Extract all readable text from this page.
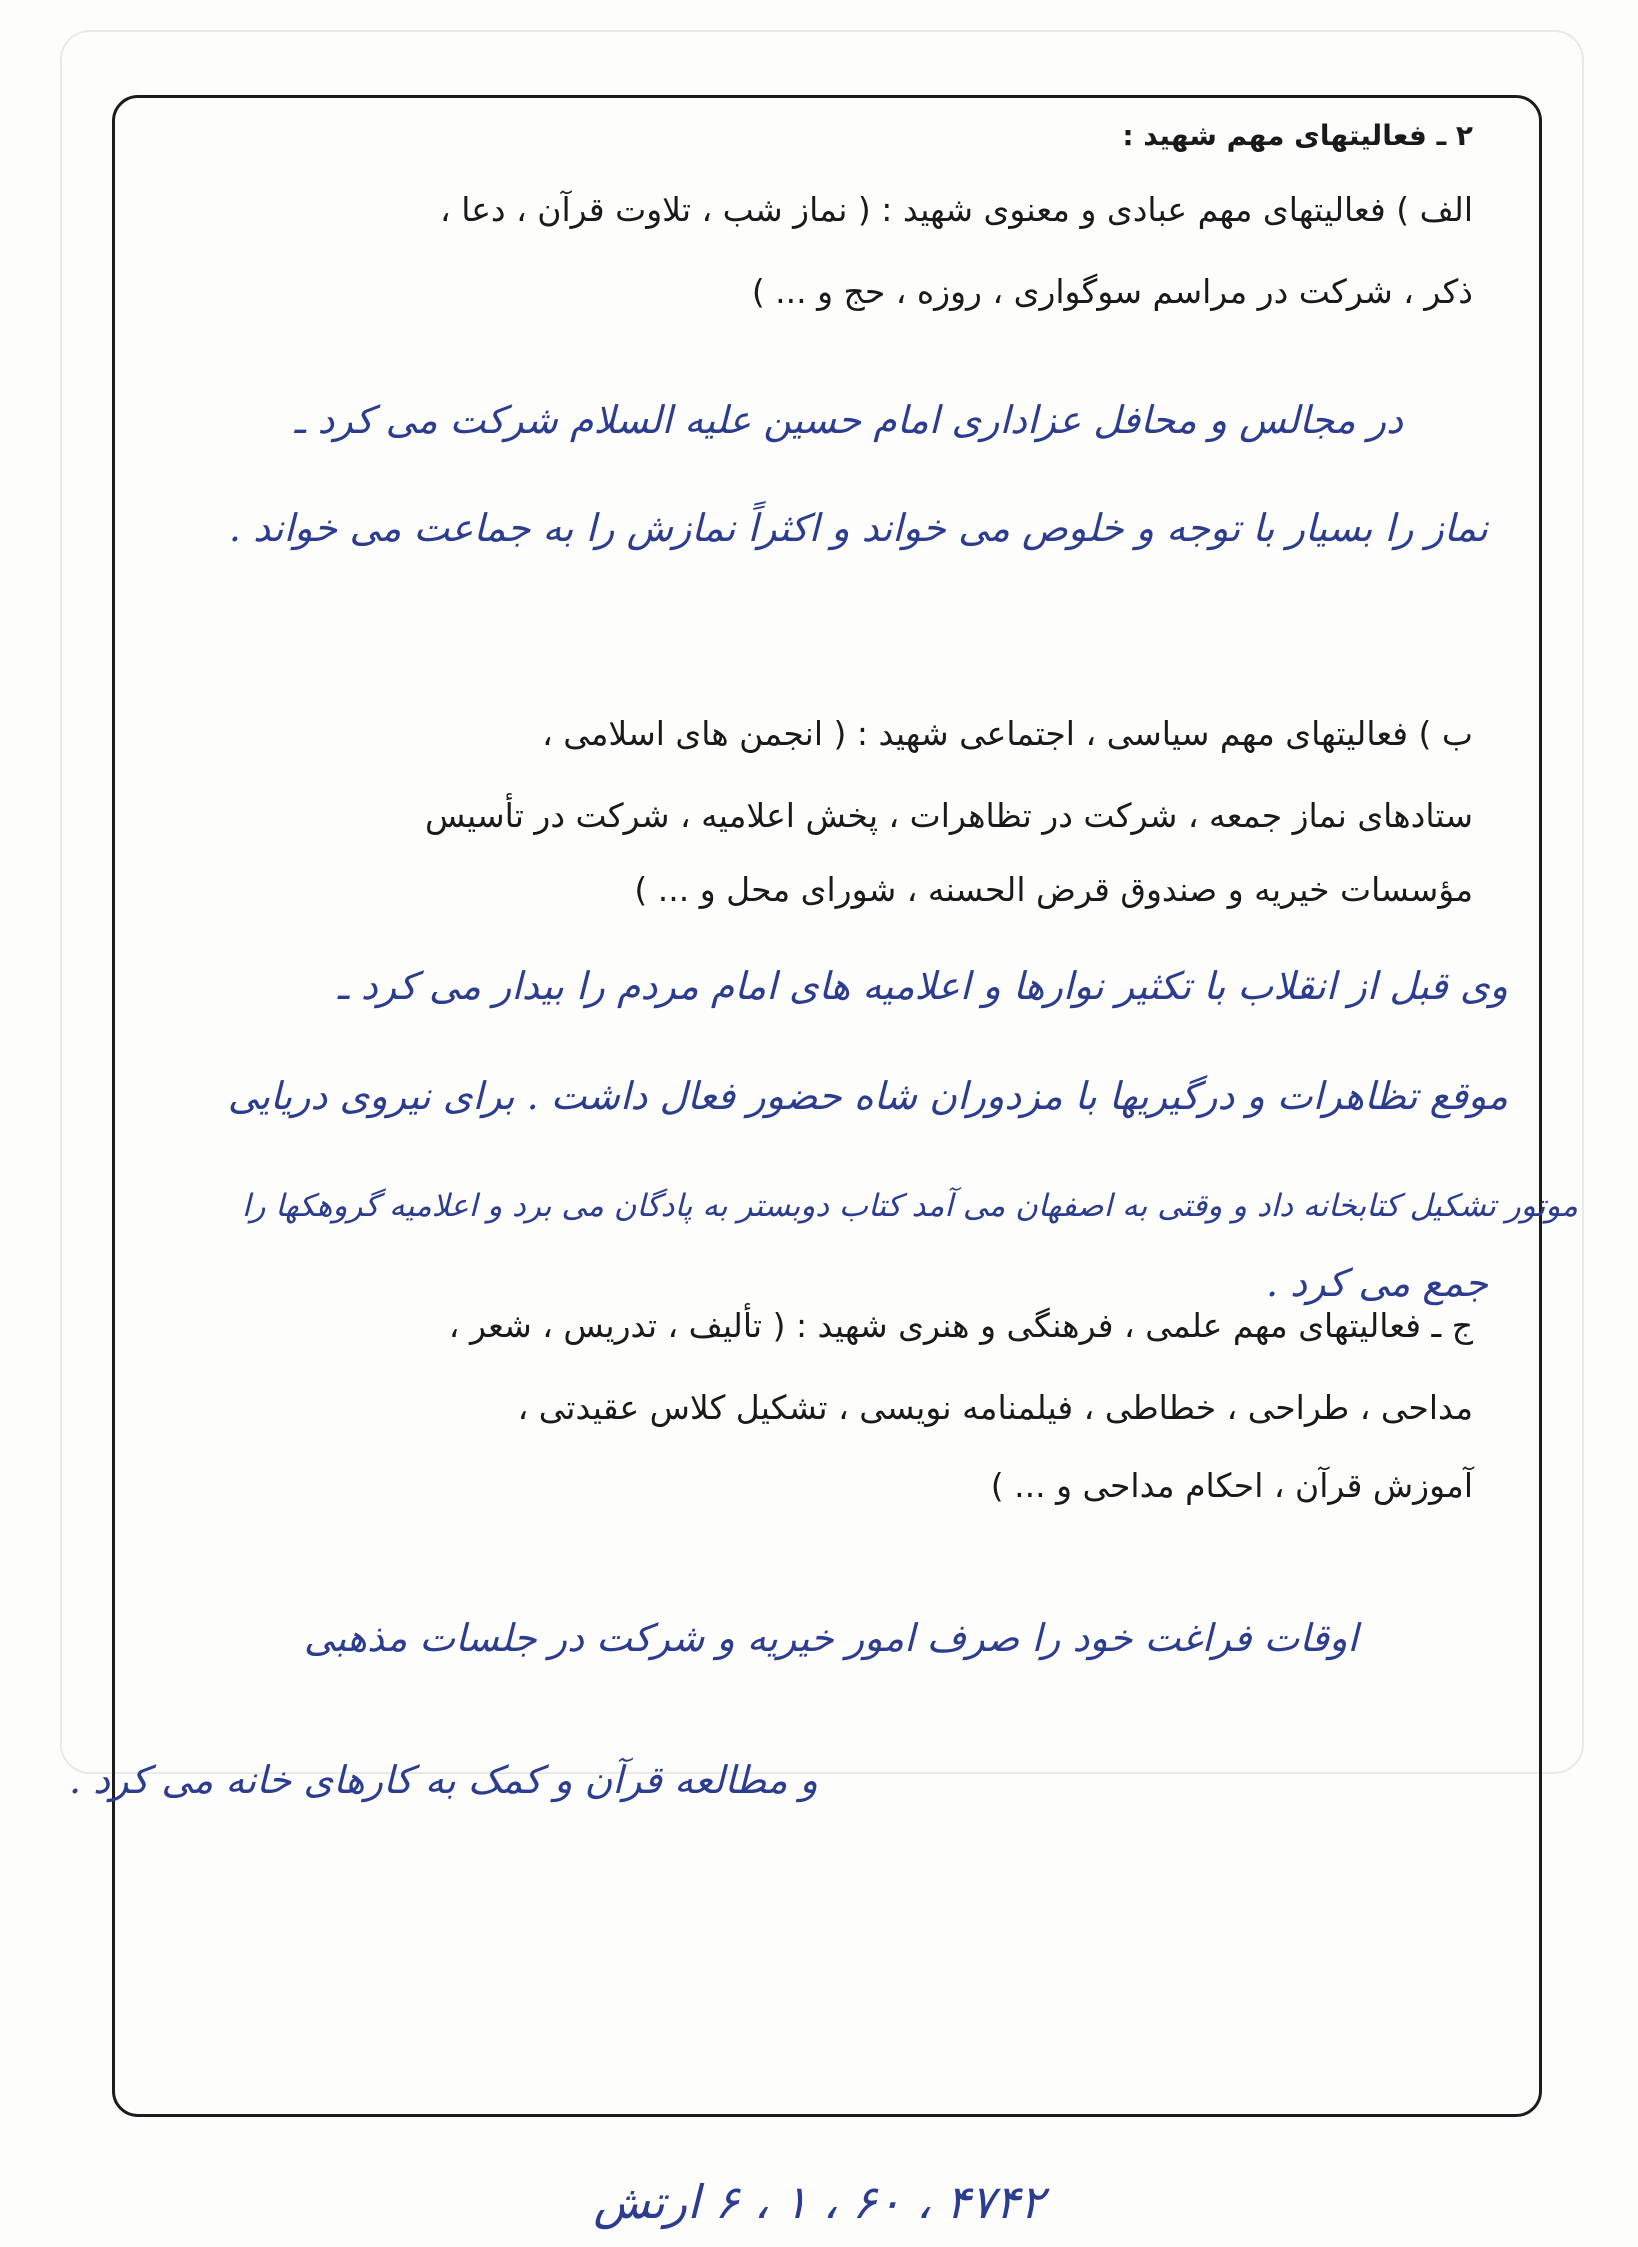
۲ ـ فعالیتهای مهم شهید :
الف ) فعالیتهای مهم عبادی و معنوی شهید : ( نماز شب ، تلاوت قرآن ، دعا ،
ذکر ، شرکت در مراسم سوگواری ، روزه ، حج و ... )
در مجالس و محافل عزاداری امام حسین علیه السلام شرکت می کرد ـ
نماز را بسیار با توجه و خلوص می خواند و اکثراً نمازش را به جماعت می خواند .
ب ) فعالیتهای مهم سیاسی ، اجتماعی شهید : ( انجمن های اسلامی ،
ستادهای نماز جمعه ، شرکت در تظاهرات ، پخش اعلامیه ، شرکت در تأسیس
مؤسسات خیریه و صندوق قرض الحسنه ، شورای محل و ... )
وی قبل از انقلاب با تکثیر نوارها و اعلامیه های امام مردم را بیدار می کرد ـ
موقع تظاهرات و درگیریها با مزدوران شاه حضور فعال داشت . برای نیروی دریایی
موتور تشکیل کتابخانه داد و وقتی به اصفهان می آمد کتاب دوبستر به پادگان می برد و اعلامیه گروهکها را
جمع می کرد .
ج ـ فعالیتهای مهم علمی ، فرهنگی و هنری شهید : ( تألیف ، تدریس ، شعر ،
مداحی ، طراحی ، خطاطی ، فیلمنامه نویسی ، تشکیل کلاس عقیدتی ،
آموزش قرآن ، احکام مداحی و ... )
اوقات فراغت خود را صرف امور خیریه و شرکت در جلسات مذهبی
و مطالعه قرآن و کمک به کارهای خانه می کرد .
۴۷۴۲ ، ۶۰ ، ۱ ، ۶ ارتش
